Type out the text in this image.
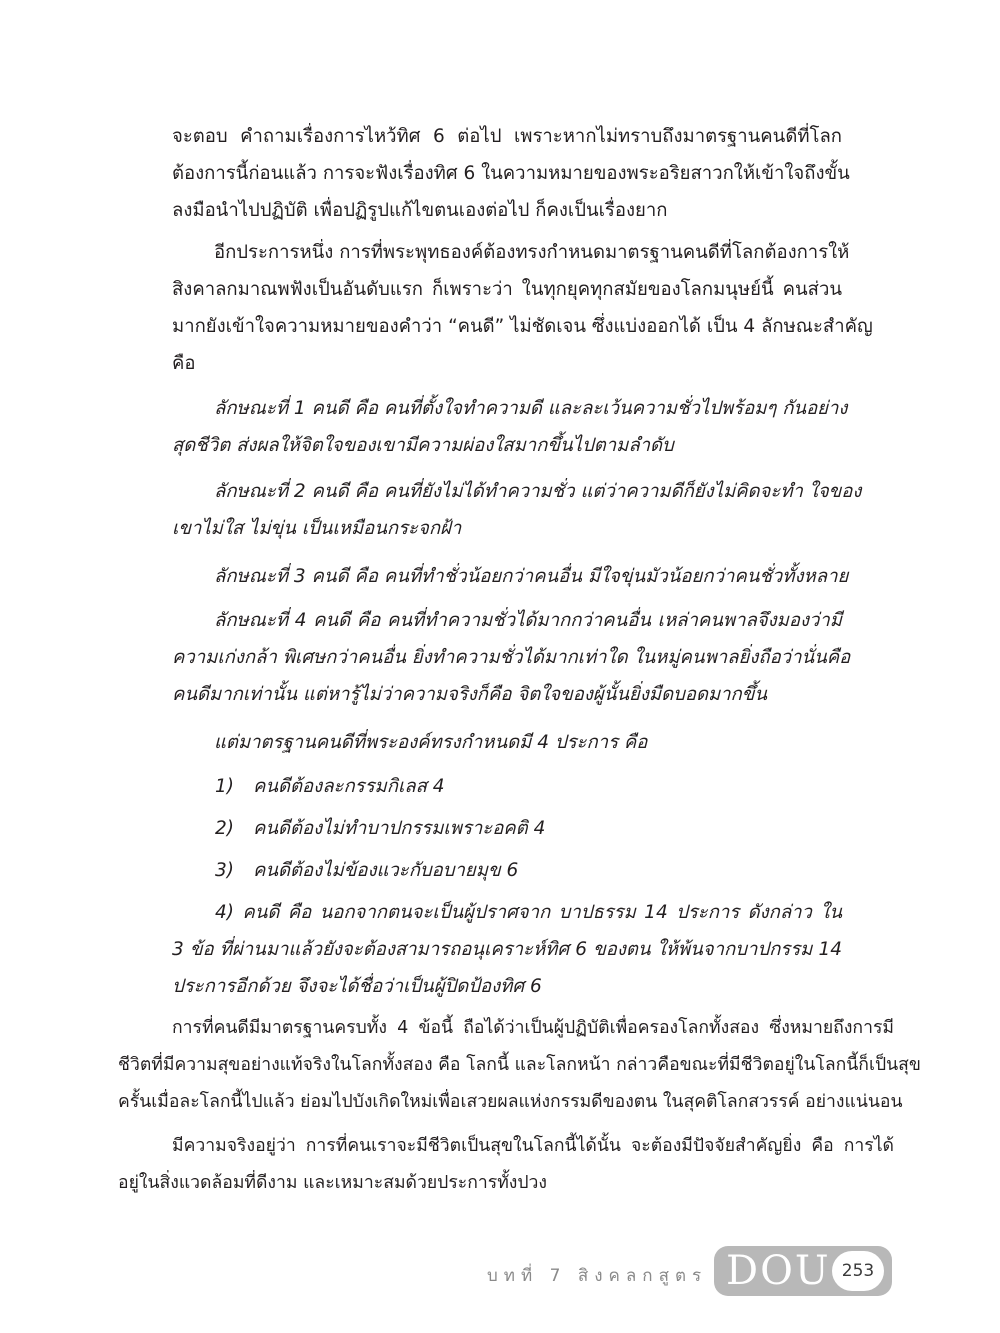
จะตอบ คำถามเรื่องการไหว้ทิศ 6 ต่อไป เพราะหากไม่ทราบถึงมาตรฐานคนดีที่โลก
ต้องการนี้ก่อนแล้ว การจะฟังเรื่องทิศ 6 ในความหมายของพระอริยสาวกให้เข้าใจถึงขั้น
ลงมือนำไปปฏิบัติ เพื่อปฏิรูปแก้ไขตนเองต่อไป ก็คงเป็นเรื่องยาก
อีกประการหนึ่ง การที่พระพุทธองค์ต้องทรงกำหนดมาตรฐานคนดีที่โลกต้องการให้
สิงคาลกมาณพฟังเป็นอันดับแรก ก็เพราะว่า ในทุกยุคทุกสมัยของโลกมนุษย์นี้ คนส่วน
มากยังเข้าใจความหมายของคำว่า “คนดี” ไม่ชัดเจน ซึ่งแบ่งออกได้ เป็น 4 ลักษณะสำคัญ
คือ
ลักษณะที่ 1 คนดี คือ คนที่ตั้งใจทำความดี และละเว้นความชั่วไปพร้อมๆ กันอย่าง
สุดชีวิต ส่งผลให้จิตใจของเขามีความผ่องใสมากขึ้นไปตามลำดับ
ลักษณะที่ 2 คนดี คือ คนที่ยังไม่ได้ทำความชั่ว แต่ว่าความดีก็ยังไม่คิดจะทำ ใจของ
เขาไม่ใส ไม่ขุ่น เป็นเหมือนกระจกฝ้า
ลักษณะที่ 3 คนดี คือ คนที่ทำชั่วน้อยกว่าคนอื่น มีใจขุ่นมัวน้อยกว่าคนชั่วทั้งหลาย
ลักษณะที่ 4 คนดี คือ คนที่ทำความชั่วได้มากกว่าคนอื่น เหล่าคนพาลจึงมองว่ามี
ความเก่งกล้า พิเศษกว่าคนอื่น ยิ่งทำความชั่วได้มากเท่าใด ในหมู่คนพาลยิ่งถือว่านั่นคือ
คนดีมากเท่านั้น แต่หารู้ไม่ว่าความจริงก็คือ จิตใจของผู้นั้นยิ่งมืดบอดมากขึ้น
แต่มาตรฐานคนดีที่พระองค์ทรงกำหนดมี 4 ประการ คือ
1) คนดีต้องละกรรมกิเลส 4
2) คนดีต้องไม่ทำบาปกรรมเพราะอคติ 4
3) คนดีต้องไม่ข้องแวะกับอบายมุข 6
4) คนดี คือ นอกจากตนจะเป็นผู้ปราศจาก บาปธรรม 14 ประการ ดังกล่าว ใน
3 ข้อ ที่ผ่านมาแล้วยังจะต้องสามารถอนุเคราะห์ทิศ 6 ของตน ให้พ้นจากบาปกรรม 14
ประการอีกด้วย จึงจะได้ชื่อว่าเป็นผู้ปิดป้องทิศ 6
การที่คนดีมีมาตรฐานครบทั้ง 4 ข้อนี้ ถือได้ว่าเป็นผู้ปฏิบัติเพื่อครองโลกทั้งสอง ซึ่งหมายถึงการมี
ชีวิตที่มีความสุขอย่างแท้จริงในโลกทั้งสอง คือ โลกนี้ และโลกหน้า กล่าวคือขณะที่มีชีวิตอยู่ในโลกนี้ก็เป็นสุข
ครั้นเมื่อละโลกนี้ไปแล้ว ย่อมไปบังเกิดใหม่เพื่อเสวยผลแห่งกรรมดีของตน ในสุคติโลกสวรรค์ อย่างแน่นอน
มีความจริงอยู่ว่า การที่คนเราจะมีชีวิตเป็นสุขในโลกนี้ได้นั้น จะต้องมีปัจจัยสำคัญยิ่ง คือ การได้
อยู่ในสิ่งแวดล้อมที่ดีงาม และเหมาะสมด้วยประการทั้งปวง
บทที่ 7 สิงคลกสูตร DOU 253
